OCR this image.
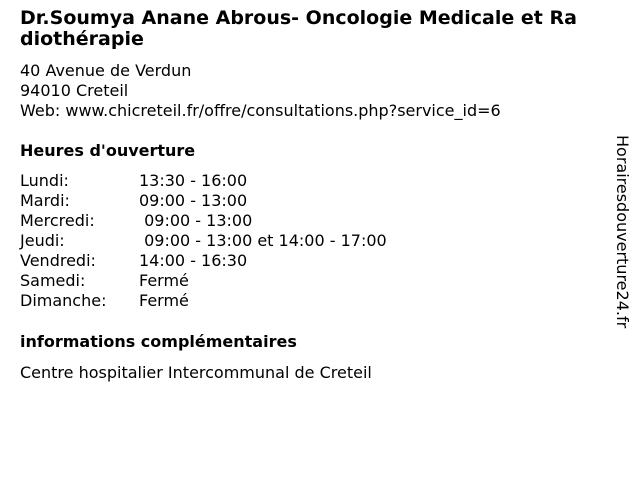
Dr.Soumya Anane Abrous- Oncologie Medicale et Radiothérapie
40 Avenue de Verdun
94010 Creteil
Web: www.chicreteil.fr/offre/consultations.php?service_id=6
Heures d'ouverture
Lundi:	13:30 - 16:00
Mardi:	09:00 - 13:00
Mercredi:	09:00 - 13:00
Jeudi:	09:00 - 13:00 et 14:00 - 17:00
Vendredi:	14:00 - 16:30
Samedi:	Fermé
Dimanche:	Fermé
informations complémentaires
Centre hospitalier Intercommunal de Creteil
Horairesdouverture24.fr
